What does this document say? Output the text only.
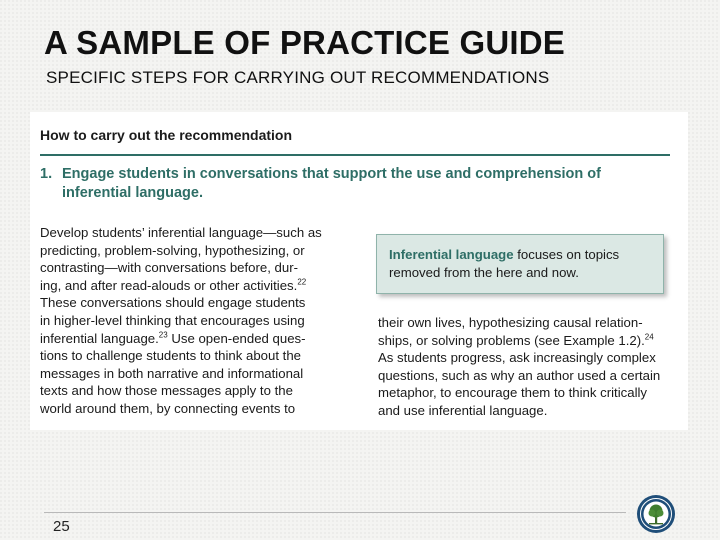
A SAMPLE OF PRACTICE GUIDE
SPECIFIC STEPS FOR CARRYING OUT RECOMMENDATIONS
How to carry out the recommendation
1. Engage students in conversations that support the use and comprehension of
inferential language.
Develop students’ inferential language—such as
predicting, problem-solving, hypothesizing, or
contrasting—with conversations before, dur-
ing, and after read-alouds or other activities.$^{22}$
These conversations should engage students
in higher-level thinking that encourages using
inferential language.$^{23}$ Use open-ended ques-
tions to challenge students to think about the
messages in both narrative and informational
texts and how those messages apply to the
world around them, by connecting events to
Inferential language focuses on topics
removed from the here and now.
their own lives, hypothesizing causal relation-
ships, or solving problems (see Example 1.2).$^{24}$
As students progress, ask increasingly complex
questions, such as why an author used a certain
metaphor, to encourage them to think critically
and use inferential language.
25
